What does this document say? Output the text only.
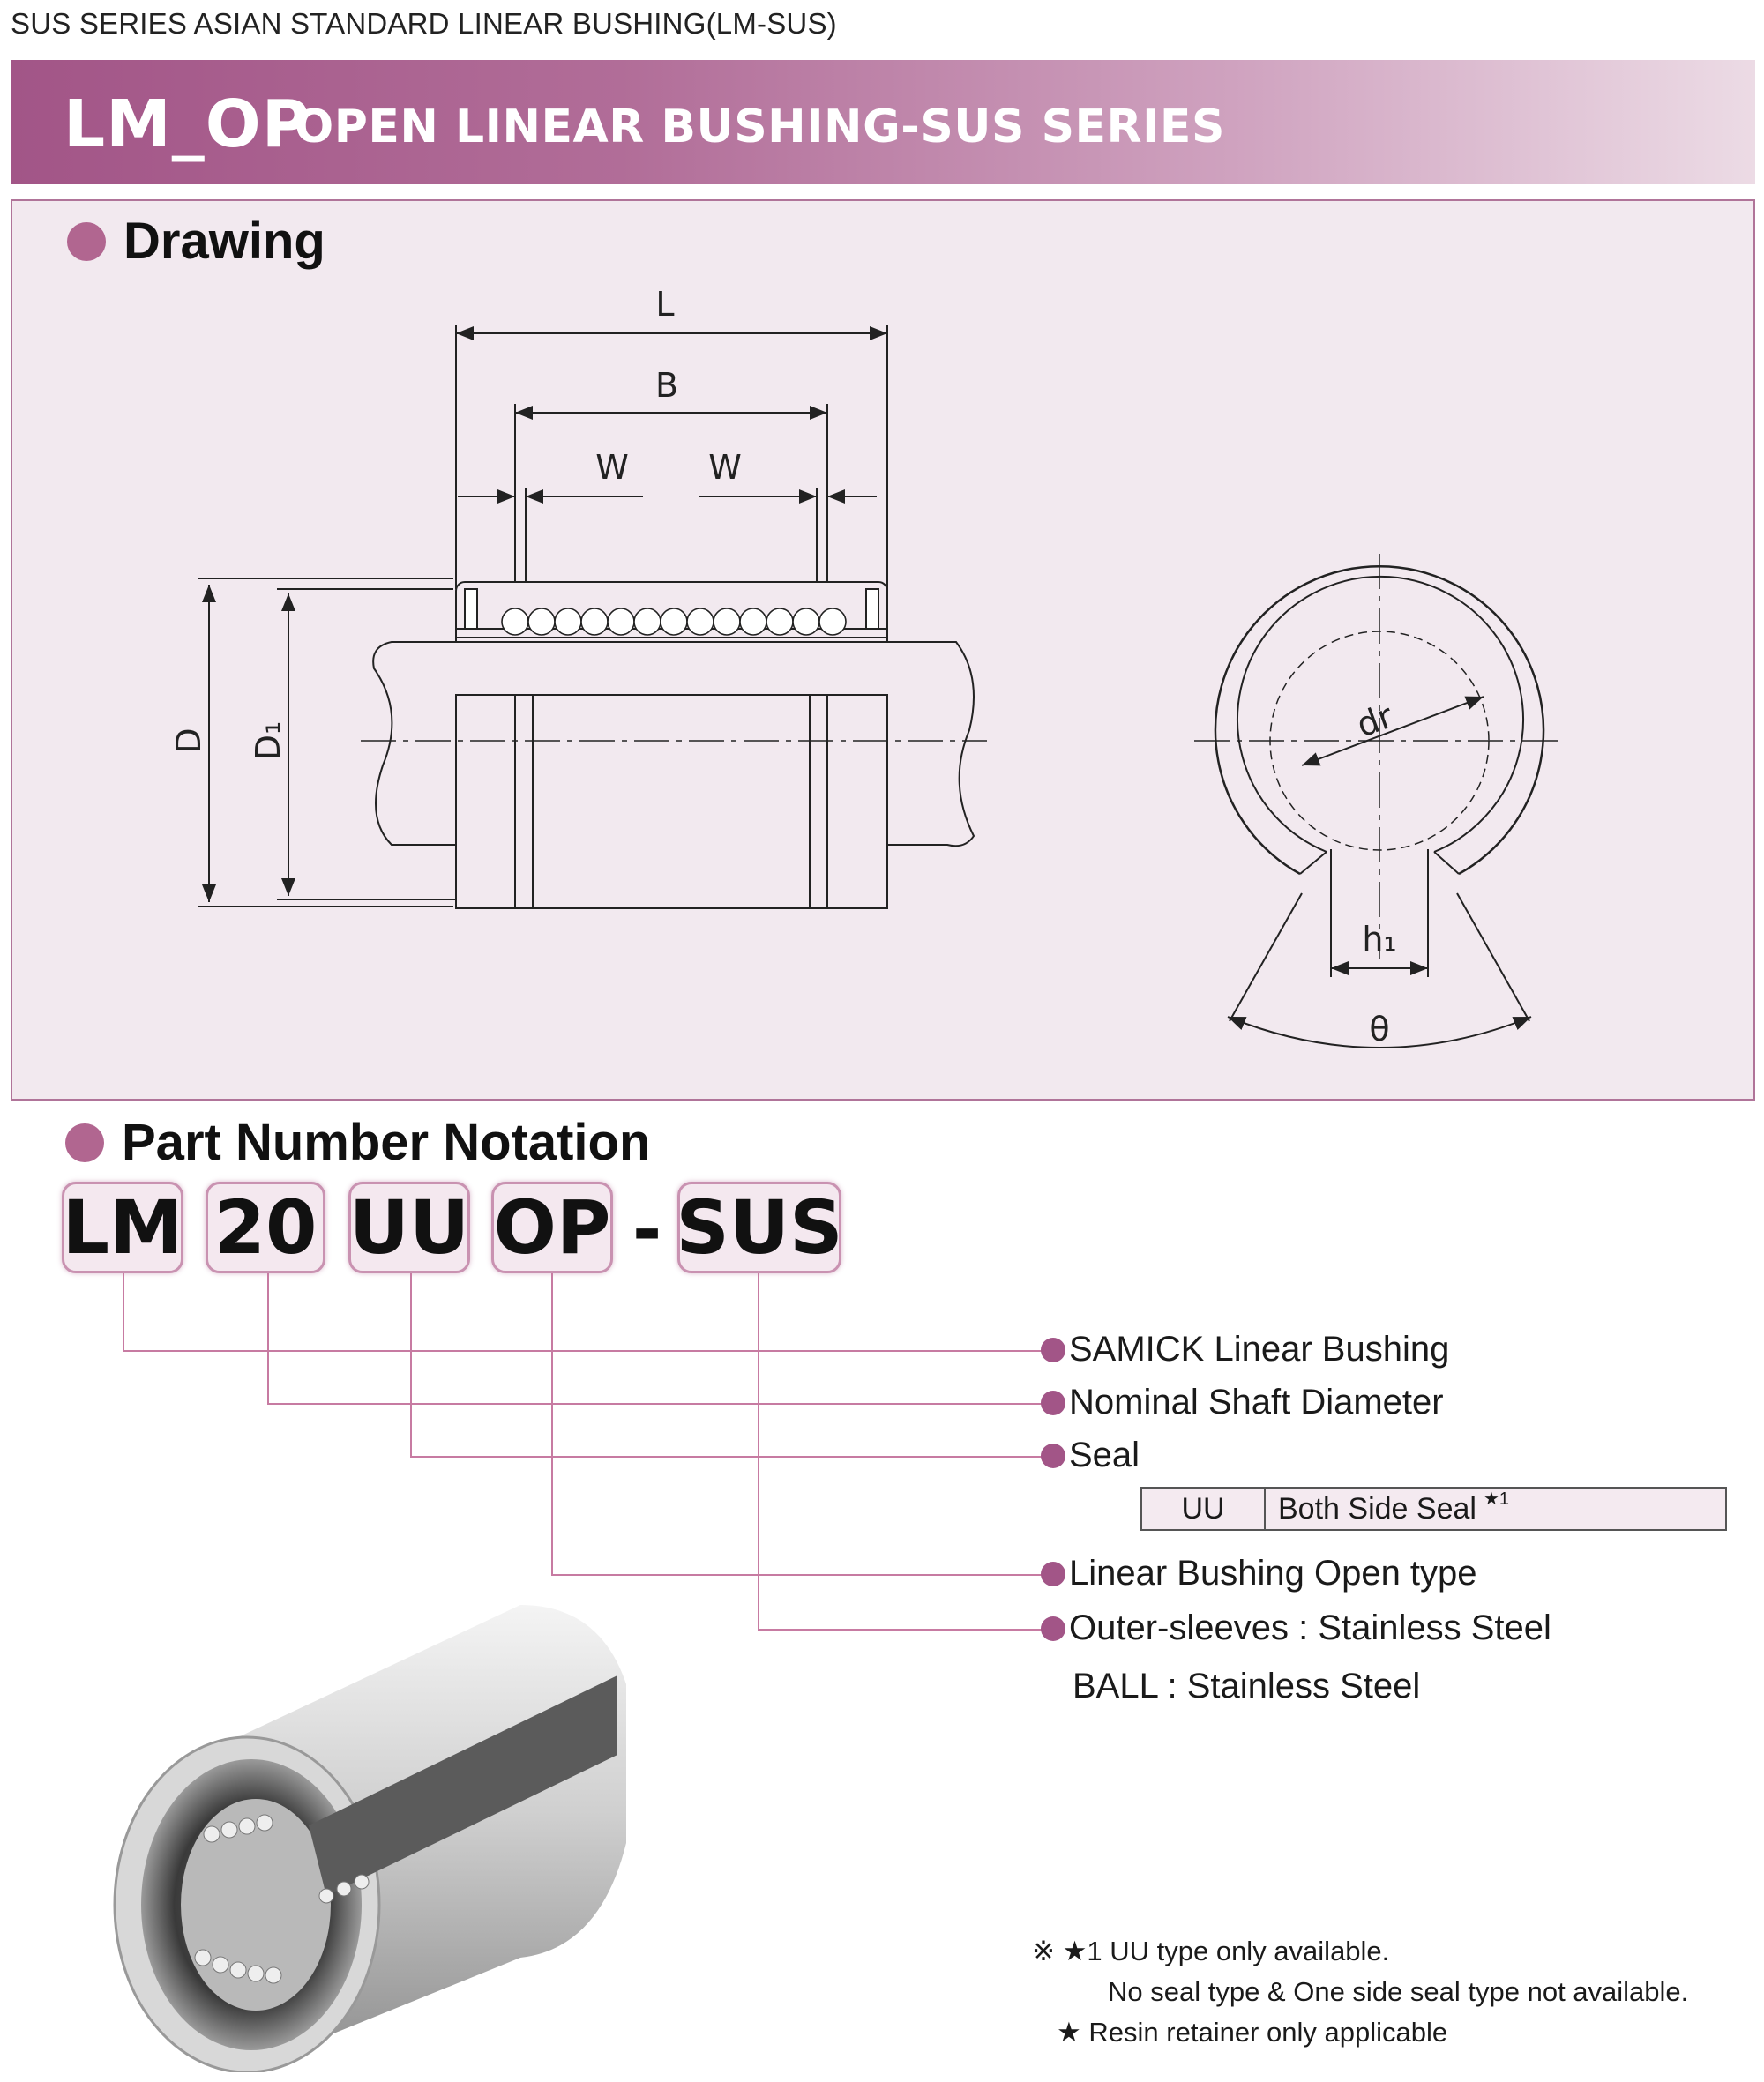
SUS SERIES ASIAN STANDARD LINEAR BUSHING(LM-SUS)
LM_OP
OPEN LINEAR BUSHING-SUS SERIES
Drawing
L
B
W W
D D₁	dr
h₁
θ
Part Number Notation
LM 20 UU OP - SUS
SAMICK Linear Bushing
Nominal Shaft Diameter
Seal
UU	Both Side Seal ★1
Linear Bushing Open type
Outer-sleeves : Stainless Steel
BALL : Stainless Steel
※ ★1 UU type only available.
No seal type & One side seal type not available.
★ Resin retainer only applicable
